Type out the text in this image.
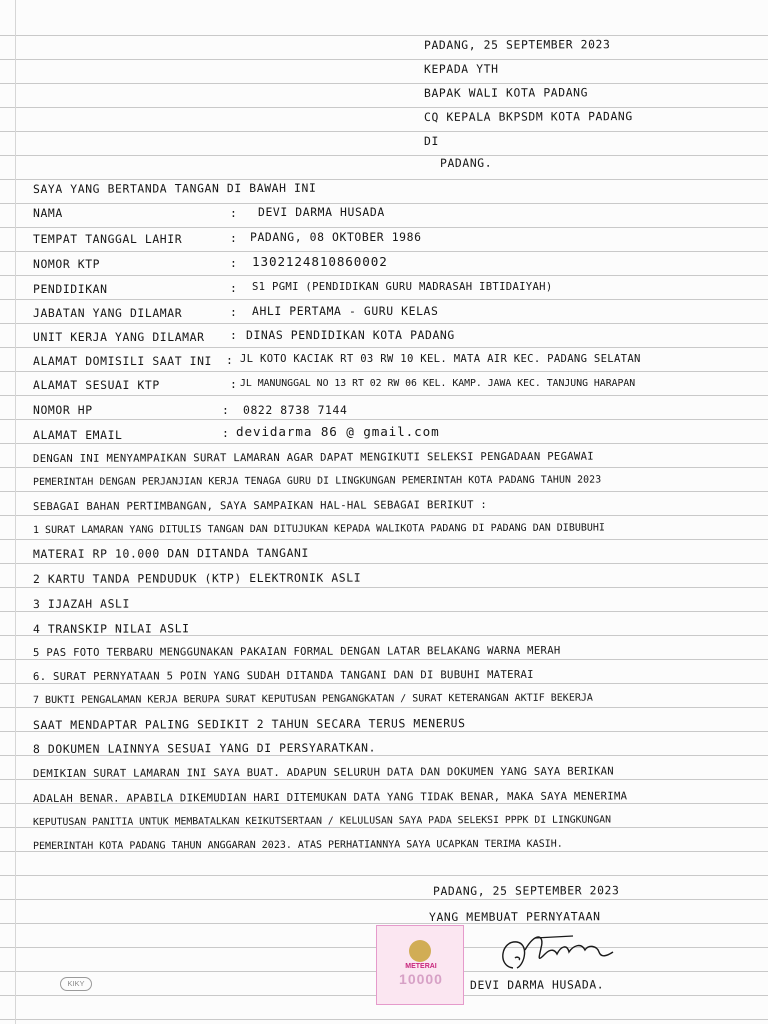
PADANG, 25 SEPTEMBER 2023
KEPADA YTH
BAPAK WALI KOTA PADANG
CQ KEPALA BKPSDM KOTA PADANG
DI
PADANG.
SAYA YANG BERTANDA TANGAN DI BAWAH INI
NAMA	: DEVI DARMA HUSADA
TEMPAT TANGGAL LAHIR	: PADANG, 08 OKTOBER 1986
NOMOR KTP	: 1302124810860002
PENDIDIKAN	: S1 PGMI (PENDIDIKAN GURU MADRASAH IBTIDAIYAH)
JABATAN YANG DILAMAR	: AHLI PERTAMA - GURU KELAS
UNIT KERJA YANG DILAMAR : DINAS PENDIDIKAN KOTA PADANG
ALAMAT DOMISILI SAAT INI : JL KOTO KACIAK RT 03 RW 10 KEL. MATA AIR KEC. PADANG SELATAN
ALAMAT SESUAI KTP	: JL MANUNGGAL NO 13 RT 02 RW 06 KEL. KAMP. JAWA KEC. TANJUNG HARAPAN
NOMOR HP	: 0822 8738 7144
ALAMAT EMAIL	: devidarma 86 @ gmail.com
DENGAN INI MENYAMPAIKAN SURAT LAMARAN AGAR DAPAT MENGIKUTI SELEKSI PENGADAAN PEGAWAI
PEMERINTAH DENGAN PERJANJIAN KERJA TENAGA GURU DI LINGKUNGAN PEMERINTAH KOTA PADANG TAHUN 2023
SEBAGAI BAHAN PERTIMBANGAN, SAYA SAMPAIKAN HAL-HAL SEBAGAI BERIKUT :
1 SURAT LAMARAN YANG DITULIS TANGAN DAN DITUJUKAN KEPADA WALIKOTA PADANG DI PADANG DAN DIBUBUHI
MATERAI RP 10.000 DAN DITANDA TANGANI
2 KARTU TANDA PENDUDUK (KTP) ELEKTRONIK ASLI
3 IJAZAH ASLI
4 TRANSKIP NILAI ASLI
5 PAS FOTO TERBARU MENGGUNAKAN PAKAIAN FORMAL DENGAN LATAR BELAKANG WARNA MERAH
6. SURAT PERNYATAAN 5 POIN YANG SUDAH DITANDA TANGANI DAN DI BUBUHI MATERAI
7 BUKTI PENGALAMAN KERJA BERUPA SURAT KEPUTUSAN PENGANGKATAN / SURAT KETERANGAN AKTIF BEKERJA
SAAT MENDAPTAR PALING SEDIKIT 2 TAHUN SECARA TERUS MENERUS
8 DOKUMEN LAINNYA SESUAI YANG DI PERSYARATKAN.
DEMIKIAN SURAT LAMARAN INI SAYA BUAT. ADAPUN SELURUH DATA DAN DOKUMEN YANG SAYA BERIKAN
ADALAH BENAR. APABILA DIKEMUDIAN HARI DITEMUKAN DATA YANG TIDAK BENAR, MAKA SAYA MENERIMA
KEPUTUSAN PANITIA UNTUK MEMBATALKAN KEIKUTSERTAAN / KELULUSAN SAYA PADA SELEKSI PPPK DI LINGKUNGAN
PEMERINTAH KOTA PADANG TAHUN ANGGARAN 2023. ATAS PERHATIANNYA SAYA UCAPKAN TERIMA KASIH.
PADANG, 25 SEPTEMBER 2023
YANG MEMBUAT PERNYATAAN
METERAI
10000	DEVI DARMA HUSADA.
KIKY
